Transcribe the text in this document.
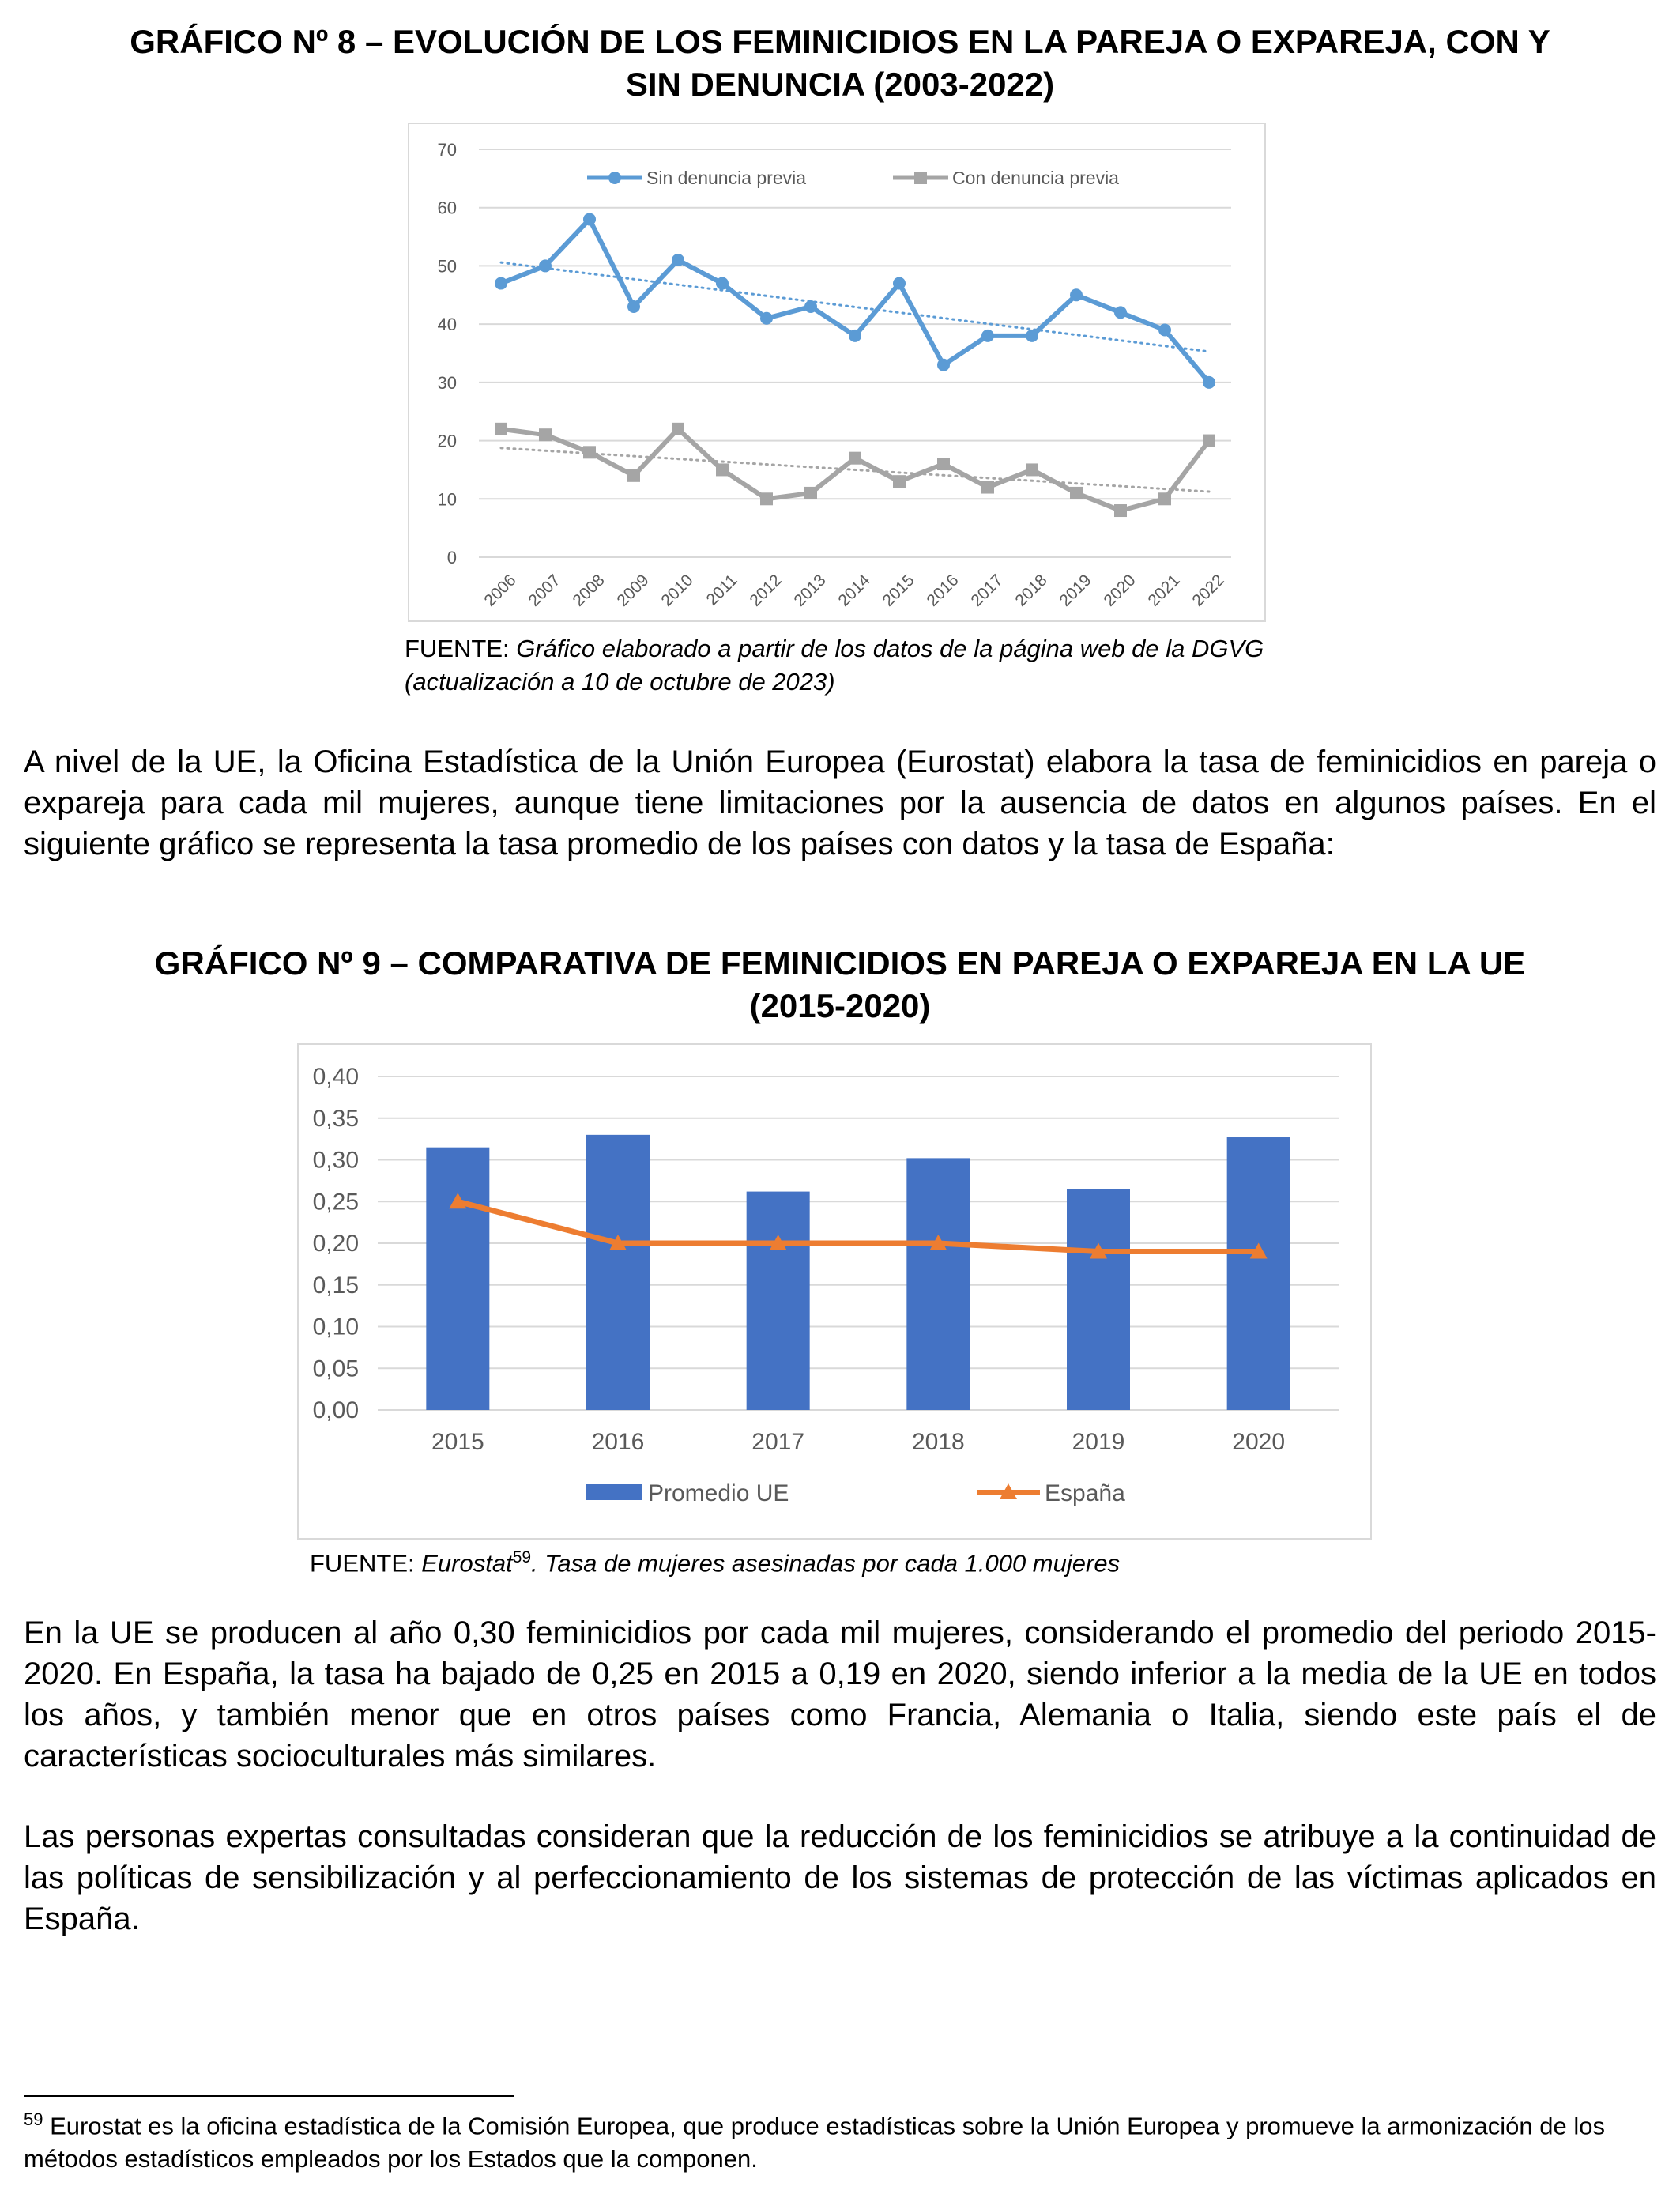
GRÁFICO Nº 8 – EVOLUCIÓN DE LOS FEMINICIDIOS EN LA PAREJA O EXPAREJA, CON Y
SIN DENUNCIA (2003-2022)
0
10
20
30
40
50
60
70
2006 2007 2008 2009 2010 2011 2012 2013 2014 2015 2016 2017 2018 2019 2020 2021 2022
Sin denuncia previa	Con denuncia previa
FUENTE: Gráfico elaborado a partir de los datos de la página web de la DGVG
(actualización a 10 de octubre de 2023)
A nivel de la UE, la Oficina Estadística de la Unión Europea (Eurostat) elabora la tasa de feminicidios en pareja o expareja para cada mil mujeres, aunque tiene limitaciones por la ausencia de datos en algunos países. En el siguiente gráfico se representa la tasa promedio de los países con datos y la tasa de España:
GRÁFICO Nº 9 – COMPARATIVA DE FEMINICIDIOS EN PAREJA O EXPAREJA EN LA UE
(2015-2020)
0,00
0,05
0,10
0,15
0,20
0,25
0,30
0,35
0,40
2015	2016	2017	2018	2019	2020
Promedio UE	España
FUENTE: Eurostat$^{59}$. Tasa de mujeres asesinadas por cada 1.000 mujeres
En la UE se producen al año 0,30 feminicidios por cada mil mujeres, considerando el promedio del periodo 2015-2020. En España, la tasa ha bajado de 0,25 en 2015 a 0,19 en 2020, siendo inferior a la media de la UE en todos los años, y también menor que en otros países como Francia, Alemania o Italia, siendo este país el de características socioculturales más similares.
Las personas expertas consultadas consideran que la reducción de los feminicidios se atribuye a la continuidad de las políticas de sensibilización y al perfeccionamiento de los sistemas de protección de las víctimas aplicados en España.
$^{59}$ Eurostat es la oficina estadística de la Comisión Europea, que produce estadísticas sobre la Unión Europea y promueve la armonización de los métodos estadísticos empleados por los Estados que la componen.
